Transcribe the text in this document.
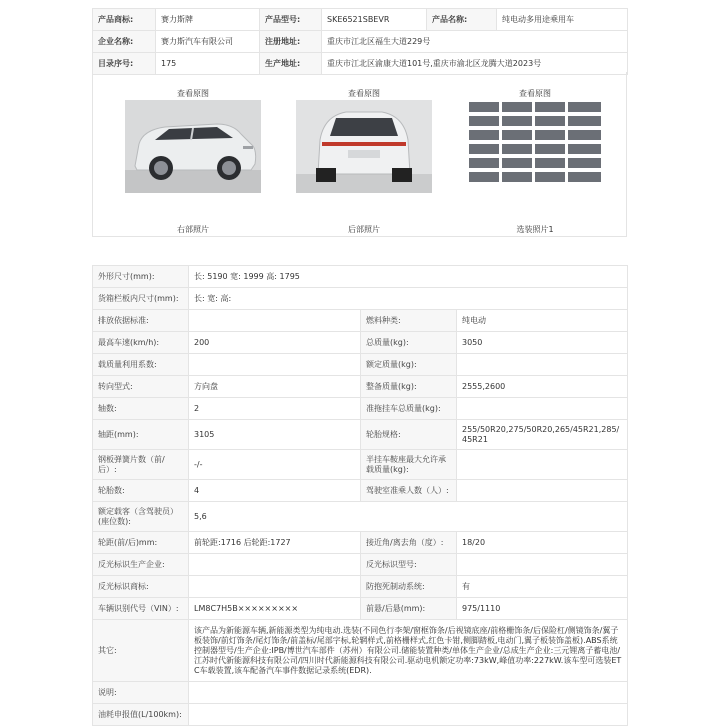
产品商标:	赛力斯牌	产品型号:	SKE6521SBEVR	产品名称:	纯电动多用途乘用车
企业名称:	赛力斯汽车有限公司	注册地址:	重庆市江北区福生大道229号		
目录序号:	175	生产地址:	重庆市江北区渝康大道101号,重庆市渝北区龙腾大道2023号		
查看原图
右部照片
查看原图
后部照片
查看原图
选装照片1
外形尺寸(mm):	长: 5190 宽: 1999 高: 1795		
货箱栏板内尺寸(mm):	长: 宽: 高:		
排放依据标准:		燃料种类:	纯电动
最高车速(km/h):	200	总质量(kg):	3050
载质量利用系数:		额定质量(kg):	
转向型式:	方向盘	整备质量(kg):	2555,2600
轴数:	2	准拖挂车总质量(kg):	
轴距(mm):	3105	轮胎规格:	255/50R20,275/50R20,265/45R21,285/45R21
钢板弹簧片数（前/后）:	-/-	半挂车鞍座最大允许承载质量(kg):	
轮胎数:	4	驾驶室准乘人数（人）:	
额定载客（含驾驶员）(座位数):	5,6		
轮距(前/后)mm:	前轮距:1716 后轮距:1727	接近角/离去角（度）:	18/20
反光标识生产企业:		反光标识型号:	
反光标识商标:		防抱死制动系统:	有
车辆识别代号（VIN）:	LM8C7H5B×××××××××	前悬/后悬(mm):	975/1110
其它:	该产品为新能源车辆,新能源类型为纯电动.选装(不同色行李架/窗框饰条/后视镜底座/前格栅饰条/后保险杠/侧镜饰条/翼子板装饰/前灯饰条/尾灯饰条/前盖标/尾部字标,轮辋样式,前格栅样式,红色卡钳,侧脚踏板,电动门,翼子板装饰盖板).ABS系统控制器型号/生产企业:IPB/博世汽车部件（苏州）有限公司.储能装置种类/单体生产企业/总成生产企业:三元锂离子蓄电池/江苏时代新能源科技有限公司/四川时代新能源科技有限公司.驱动电机额定功率:73kW,峰值功率:227kW.该车型可选装ETC车载装置,该车配备汽车事件数据记录系统(EDR).		
说明:			
油耗申报值(L/100km):			
